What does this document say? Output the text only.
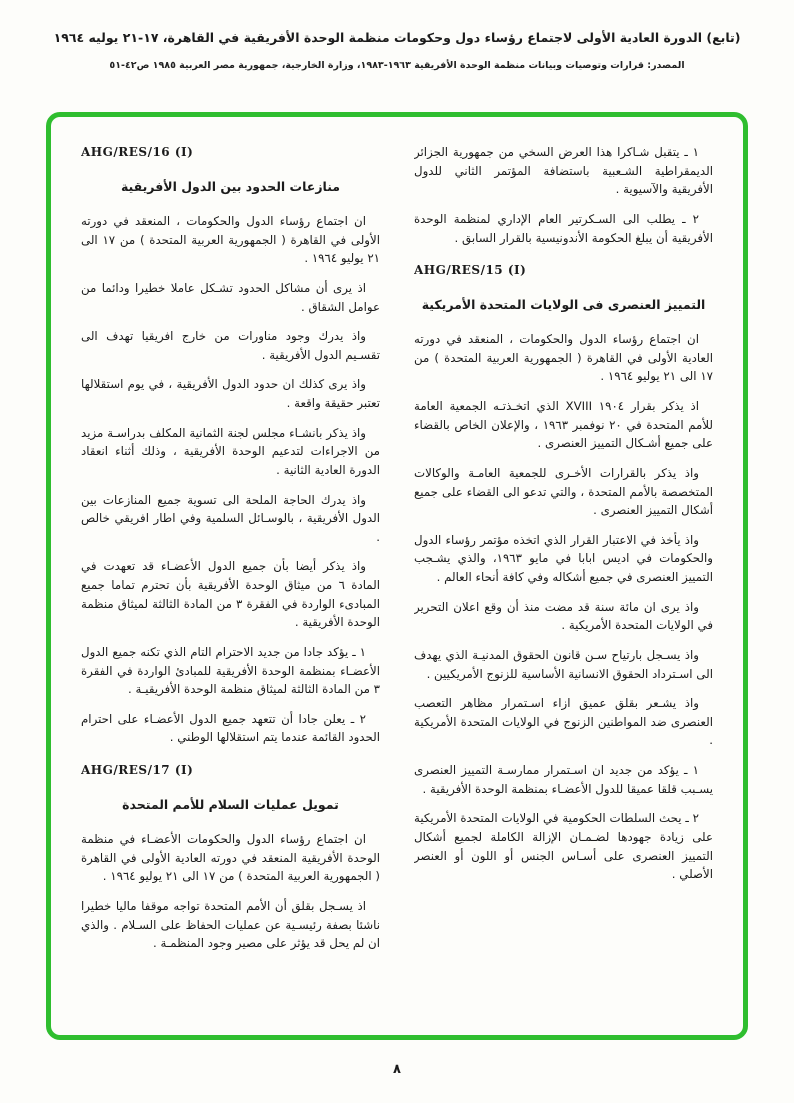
(تابع) الدورة العادية الأولى لاجتماع رؤساء دول وحكومات منظمة الوحدة الأفريقية في القاهرة، ١٧-٢١ يوليه ١٩٦٤
المصدر: قرارات وتوصيات وبيانات منظمة الوحدة الأفريقية ١٩٦٣-١٩٨٣، وزارة الخارجية، جمهورية مصر العربية ١٩٨٥ ص٤٢-٥١
١ ـ يتقبل شـاكرا هذا العرض السخي من جمهورية الجزائر الديمقراطية الشـعبية باستضافة المؤتمر الثاني للدول الأفريقية والآسيوية .
٢ ـ يطلب الى السـكرتير العام الإداري لمنظمة الوحدة الأفريقية أن يبلغ الحكومة الأندونيسية بالقرار السابق .
AHG/RES/15 (I)
التمييز العنصرى فى الولايات المتحدة الأمريكية
ان اجتماع رؤساء الدول والحكومات ، المنعقد في دورته العادية الأولى في القاهرة ( الجمهورية العربية المتحدة ) من ١٧ الى ٢١ يوليو ١٩٦٤ .
اذ يذكر بقرار ١٩٠٤ XVIII الذي اتخـذتـه الجمعية العامة للأمم المتحدة في ٢٠ نوفمبر ١٩٦٣ ، والإعلان الخاص بالقضاء على جميع أشـكال التمييز العنصرى .
واذ يذكر بالقرارات الأخـرى للجمعية العامـة والوكالات المتخصصة بالأمم المتحدة ، والتي تدعو الى القضاء على جميع أشكال التمييز العنصرى .
واذ يأخذ في الاعتبار القرار الذي اتخذه مؤتمر رؤساء الدول والحكومات في اديس ابابا في مايو ١٩٦٣، والذي يشـجب التمييز العنصرى في جميع أشكاله وفي كافة أنحاء العالم .
واذ يرى ان مائة سنة قد مضت منذ أن وقع اعلان التحرير في الولايات المتحدة الأمريكية .
واذ يسـجل بارتياح سـن قانون الحقوق المدنيـة الذي يهدف الى اسـترداد الحقوق الانسانية الأساسية للزنوج الأمريكيين .
واذ يشـعر بقلق عميق ازاء اسـتمرار مظاهر التعصب العنصرى ضد المواطنين الزنوج في الولايات المتحدة الأمريكية .
١ ـ يؤكد من جديد ان اسـتمرار ممارسـة التمييز العنصرى يسـبب قلقا عميقا للدول الأعضـاء بمنظمة الوحدة الأفريقية .
٢ ـ يحث السلطات الحكومية في الولايات المتحدة الأمريكية على زيادة جهودها لضـمـان الإزالة الكاملة لجميع أشكال التمييز العنصرى على أسـاس الجنس أو اللون أو العنصر الأصلي .
AHG/RES/16 (I)
منازعات الحدود بين الدول الأفريقية
ان اجتماع رؤساء الدول والحكومات ، المنعقد في دورته الأولى في القاهرة ( الجمهورية العربية المتحدة ) من ١٧ الى ٢١ يوليو ١٩٦٤ .
اذ يرى أن مشاكل الحدود تشـكل عاملا خطيرا ودائما من عوامل الشقاق .
واذ يدرك وجود مناورات من خارج افريقيا تهدف الى تقسـيم الدول الأفريقية .
واذ يرى كذلك ان حدود الدول الأفريقية ، في يوم استقلالها تعتبر حقيقة واقعة .
واذ يذكر بانشـاء مجلس لجنة الثمانية المكلف بدراسـة مزيد من الاجراءات لتدعيم الوحدة الأفريقية ، وذلك أثناء انعقاد الدورة العادية الثانية .
واذ يدرك الحاجة الملحة الى تسوية جميع المنازعات بين الدول الأفريقية ، بالوسـائل السلمية وفي اطار افريقي خالص .
واذ يذكر أيضا بأن جميع الدول الأعضـاء قد تعهدت في المادة ٦ من ميثاق الوحدة الأفريقية بأن تحترم تماما جميع المبادىء الواردة في الفقرة ٣ من المادة الثالثة لميثاق منظمة الوحدة الأفريقية .
١ ـ يؤكد جادا من جديد الاحترام التام الذي تكنه جميع الدول الأعضـاء بمنظمة الوحدة الأفريقية للمبادئ الواردة في الفقرة ٣ من المادة الثالثة لميثاق منظمة الوحدة الأفريقيـة .
٢ ـ يعلن جادا أن تتعهد جميع الدول الأعضـاء على احترام الحدود القائمة عندما يتم استقلالها الوطني .
AHG/RES/17 (I)
تمويل عمليات السلام للأمم المتحدة
ان اجتماع رؤساء الدول والحكومات الأعضـاء في منظمة الوحدة الأفريقية المنعقد في دورته العادية الأولى في القاهرة ( الجمهورية العربية المتحدة ) من ١٧ الى ٢١ يوليو ١٩٦٤ .
اذ يسـجل بقلق أن الأمم المتحدة تواجه موقفا ماليا خطيرا ناشئا بصفة رئيسـية عن عمليات الحفاظ على السـلام . والذي ان لم يحل قد يؤثر على مصير وجود المنظمـة .
٨
